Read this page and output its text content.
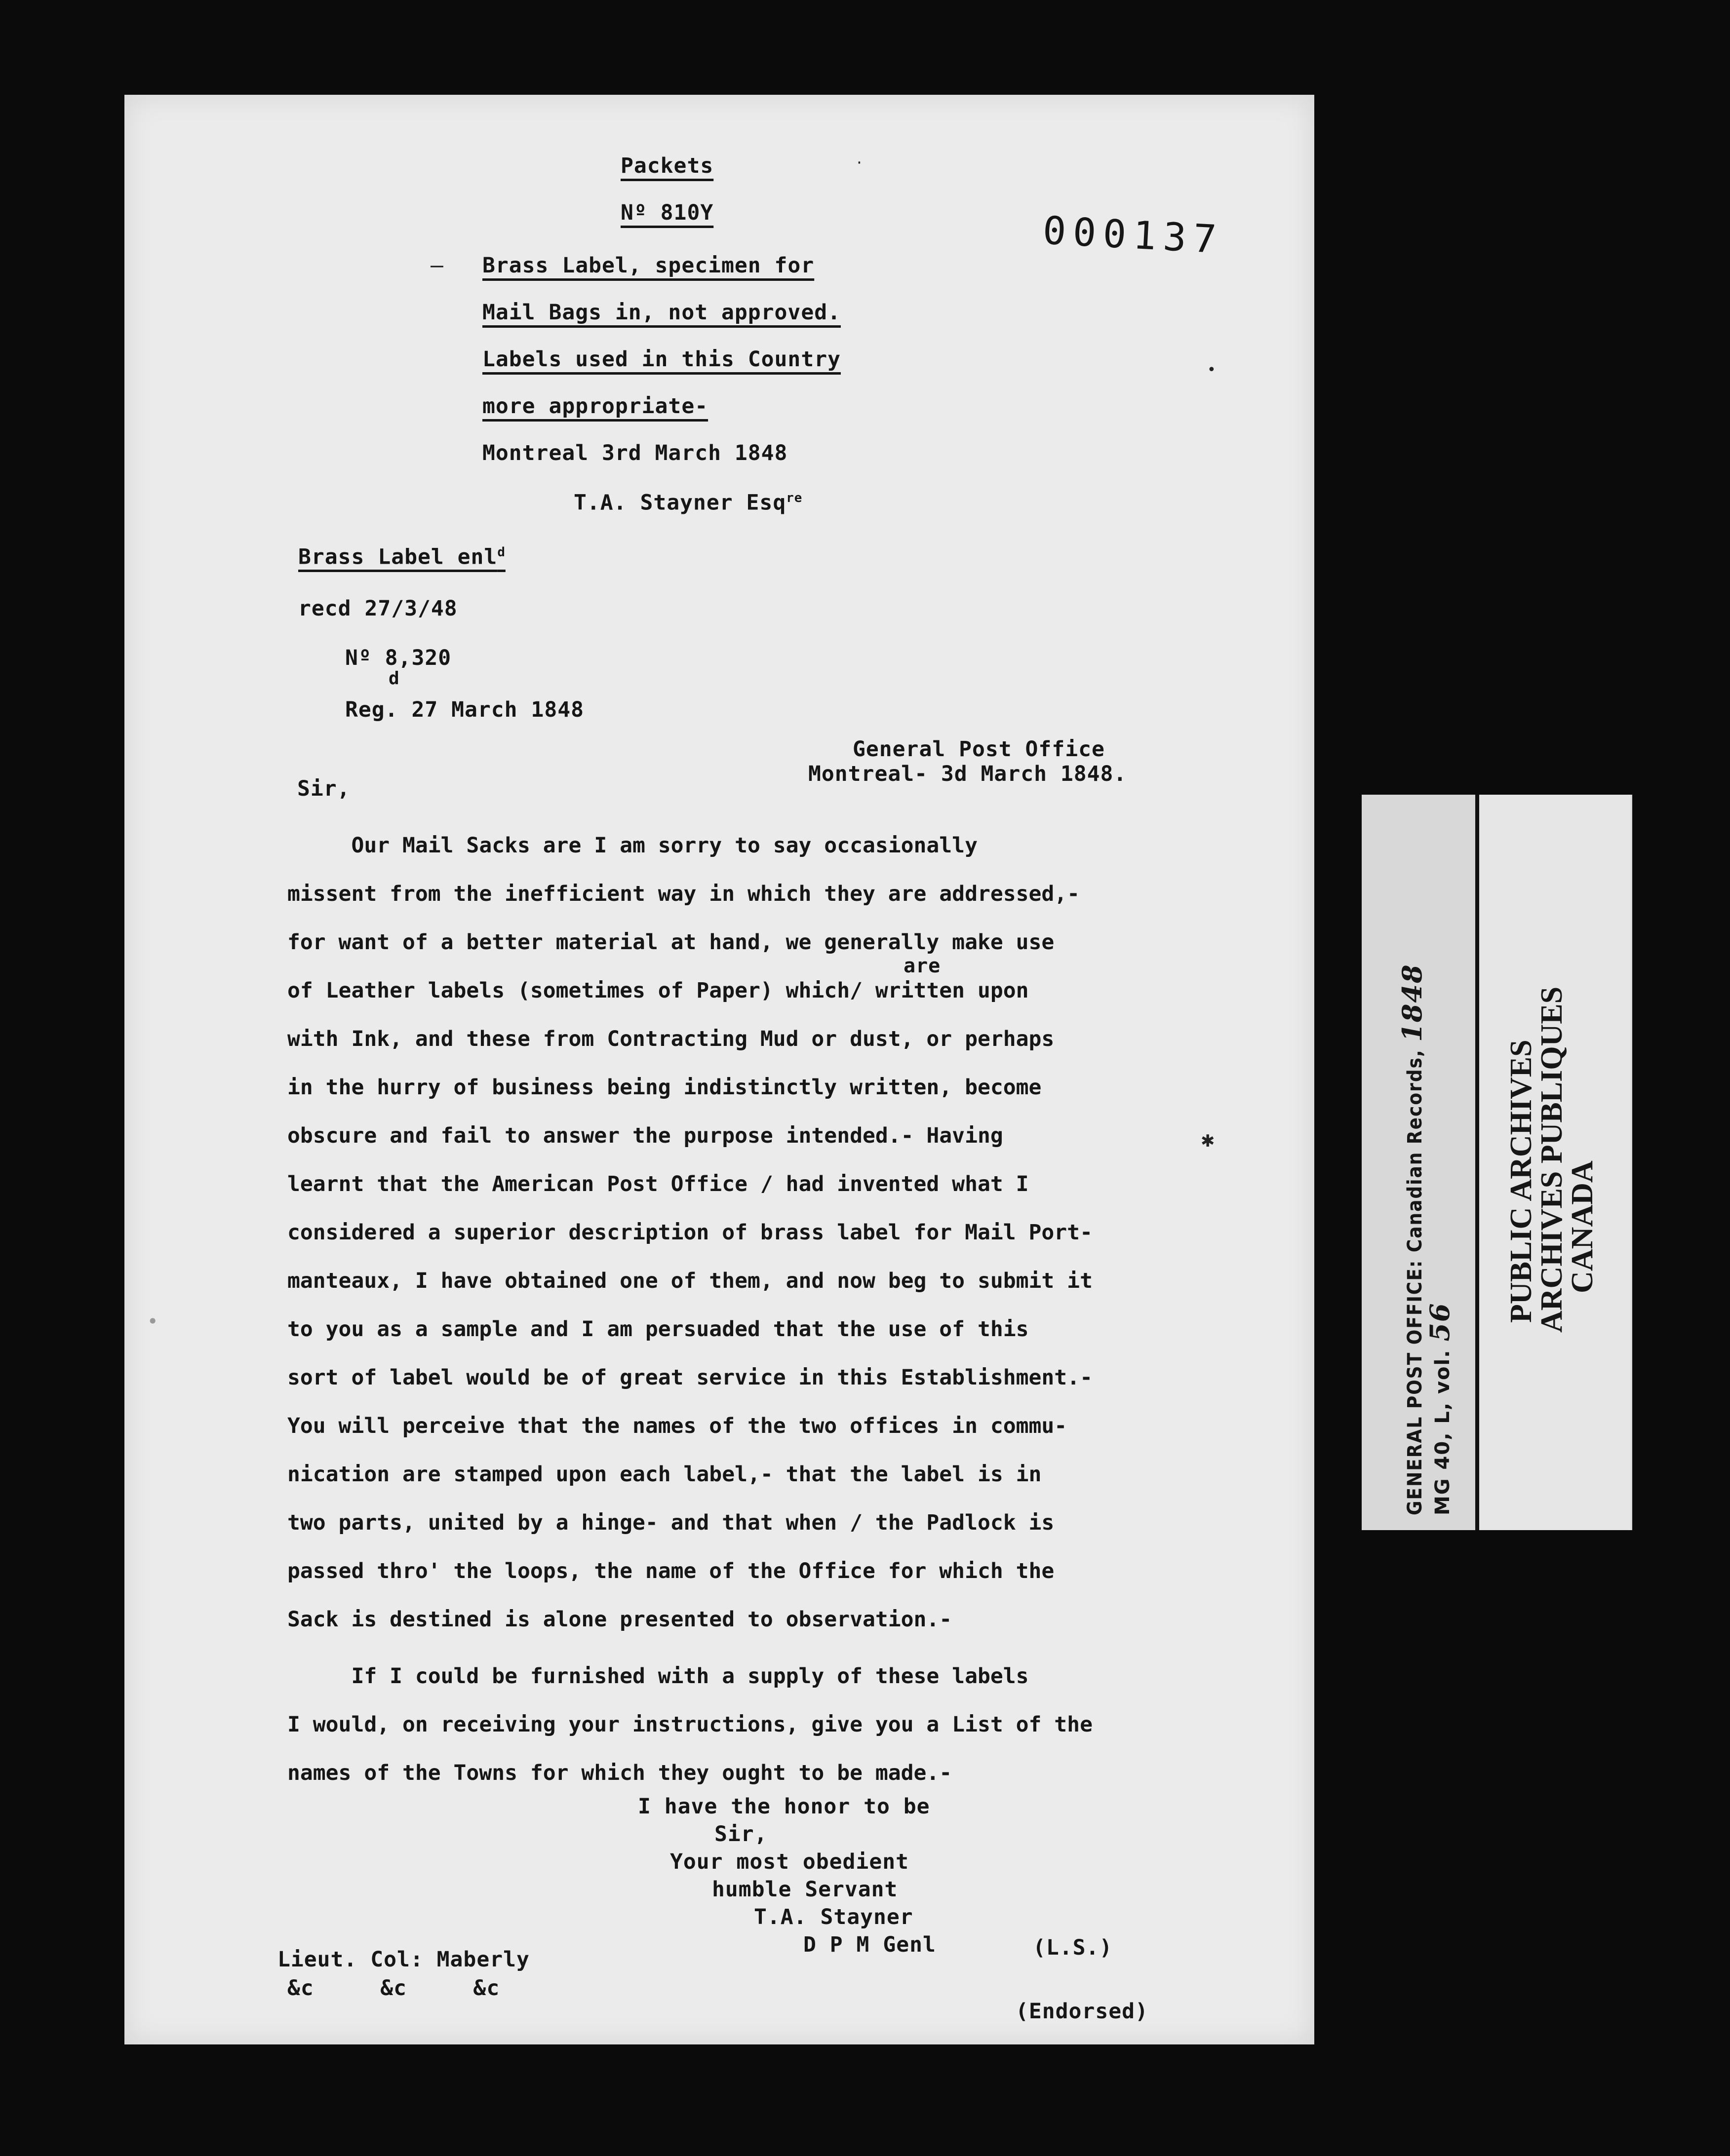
Packets
Nº 810Y	000137
— Brass Label, specimen for
Mail Bags in, not approved.
Labels used in this Country
more appropriate-
Montreal 3rd March 1848
T.A. Stayner Esq$^{re}$
Brass Label enl$^d$
recd 27/3/48
Nº 8,320
d
Reg. 27 March 1848
General Post Office
Montreal- 3d March 1848.
Sir,
are
Our Mail Sacks are I am sorry to say occasionally
missent from the inefficient way in which they are addressed,-
for want of a better material at hand, we generally make use
of Leather labels (sometimes of Paper) which/ written upon
with Ink, and these from Contracting Mud or dust, or perhaps
in the hurry of business being indistinctly written, become
obscure and fail to answer the purpose intended.- Having
learnt that the American Post Office / had invented what I
considered a superior description of brass label for Mail Port-
manteaux, I have obtained one of them, and now beg to submit it
to you as a sample and I am persuaded that the use of this
sort of label would be of great service in this Establishment.-
You will perceive that the names of the two offices in commu-
nication are stamped upon each label,- that the label is in
two parts, united by a hinge- and that when / the Padlock is
passed thro' the loops, the name of the Office for which the
Sack is destined is alone presented to observation.-
If I could be furnished with a supply of these labels
I would, on receiving your instructions, give you a List of the
names of the Towns for which they ought to be made.-
I have the honor to be
Sir,
Your most obedient
humble Servant
T.A. Stayner
D P M Genl	(L.S.)
Lieut. Col: Maberly
&c     &c     &c
(Endorsed)
·
•
✱
•	GENERAL POST OFFICE: Canadian Records, 1848
MG 40, L, vol. 56 PUBLIC ARCHIVES
ARCHIVES PUBLIQUES
CANADA
